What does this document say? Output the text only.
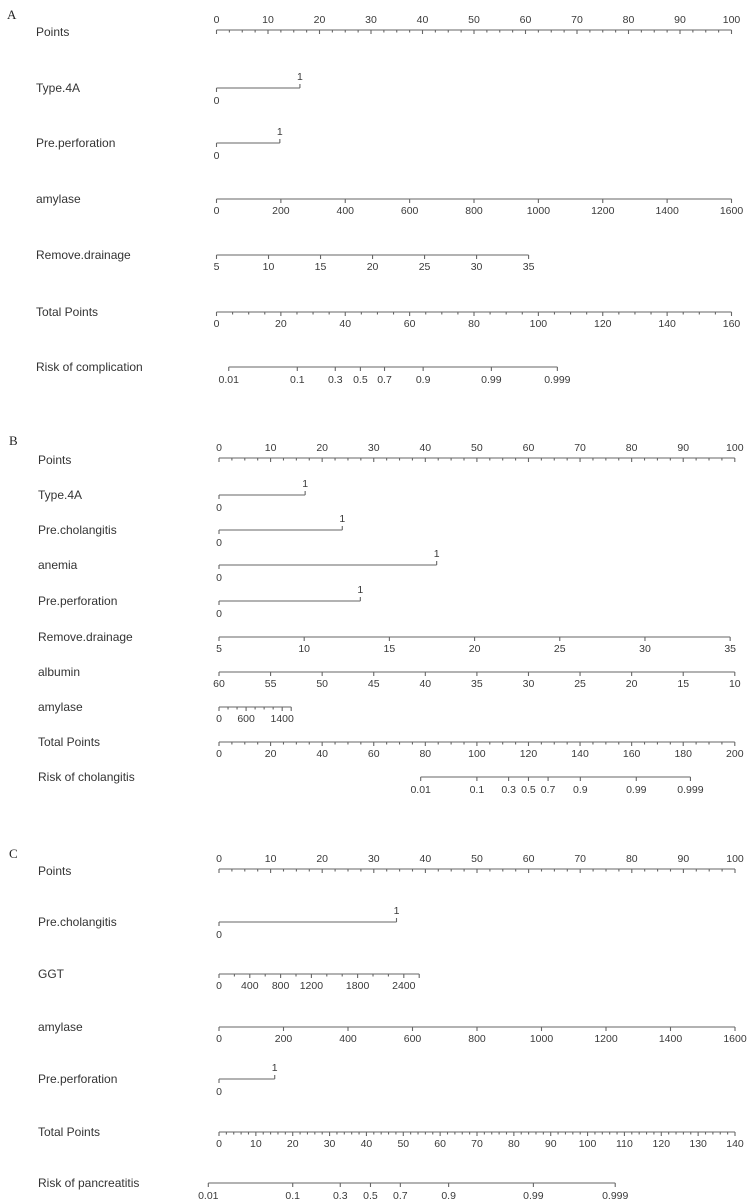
A
Points
0	10	20	30	40	50	60	70	80	90	100
Type.4A
0
1
Pre.perforation
0
1
amylase
0	200	400	600	800	1000	1200	1400	1600
Remove.drainage
5	10	15	20	25	30	35
Total Points
0	20	40	60	80	100	120	140	160
Risk of complication
0.01	0.1 0.3 0.5 0.7 0.9	0.99	0.999
B
Points
0	10	20	30	40	50	60	70	80	90	100
Type.4A
0
1
Pre.cholangitis
0
1
anemia
0
1
Pre.perforation
0
1
Remove.drainage
5	10	15	20	25	30	35
albumin
60	55	50	45	40	35	30	25	20	15	10
amylase
0 600 1400
Total Points
0	20	40	60	80	100	120	140	160	180	200
Risk of cholangitis
0.01	0.1 0.3 0.5 0.7 0.9	0.99	0.999
C
Points
0	10	20	30	40	50	60	70	80	90	100
Pre.cholangitis
0
1
GGT
0 400 800 1200 1800 2400
amylase
0	200	400	600	800	1000	1200	1400	1600
Pre.perforation
0
1
Total Points
0	10 20 30 40 50 60 70 80 90 100 110 120 130 140
Risk of pancreatitis
0.01	0.1	0.3 0.5 0.7	0.9	0.99	0.999
